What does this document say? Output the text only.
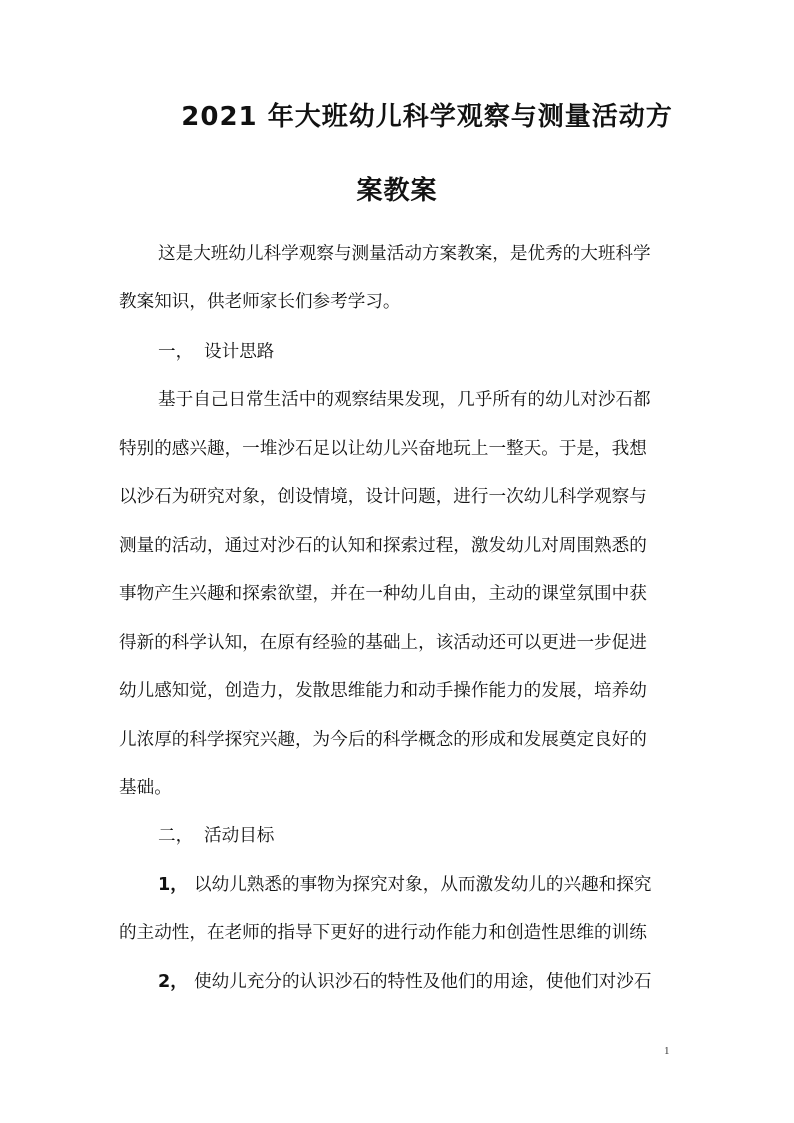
2021 年大班幼儿科学观察与测量活动方
案教案
这是大班幼儿科学观察与测量活动方案教案，是优秀的大班科学
教案知识，供老师家长们参考学习。
一， 设计思路
基于自己日常生活中的观察结果发现，几乎所有的幼儿对沙石都
特别的感兴趣，一堆沙石足以让幼儿兴奋地玩上一整天。于是，我想
以沙石为研究对象，创设情境，设计问题，进行一次幼儿科学观察与
测量的活动，通过对沙石的认知和探索过程，激发幼儿对周围熟悉的
事物产生兴趣和探索欲望，并在一种幼儿自由，主动的课堂氛围中获
得新的科学认知，在原有经验的基础上，该活动还可以更进一步促进
幼儿感知觉，创造力，发散思维能力和动手操作能力的发展，培养幼
儿浓厚的科学探究兴趣，为今后的科学概念的形成和发展奠定良好的
基础。
二， 活动目标
1， 以幼儿熟悉的事物为探究对象，从而激发幼儿的兴趣和探究
的主动性，在老师的指导下更好的进行动作能力和创造性思维的训练
2， 使幼儿充分的认识沙石的特性及他们的用途，使他们对沙石
1
